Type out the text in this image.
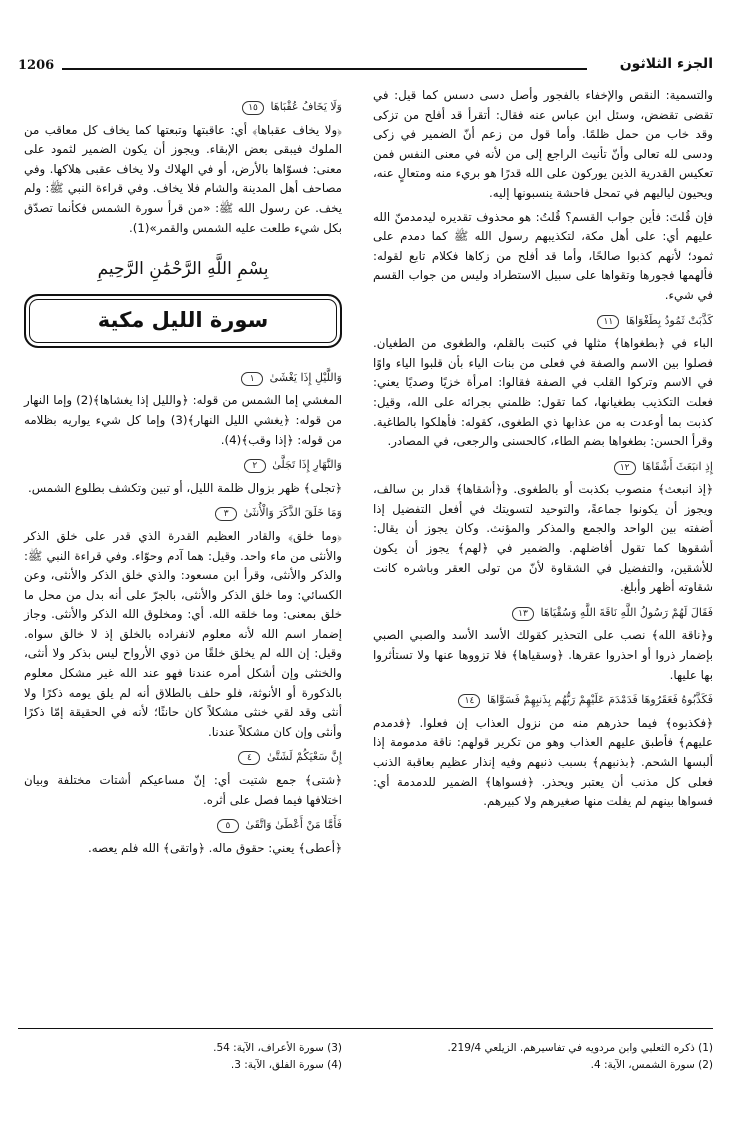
1206	الجزء الثلاثون

والتسمية: النقص والإخفاء بالفجور وأصل دسى دسس كما قيل: في تقضى تقضض، وسئل ابن عباس عنه فقال: أتقرأ قد أفلح من تزكى وقد خاب من حمل ظلمًا. وأما قول من زعم أنّ الضمير في زكى ودسى لله تعالى وأنّ تأنيث الراجع إلى من لأنه في معنى النفس فمن تعكيس القدرية الذين يوركون على الله قدرًا هو بريء منه ومتعالٍ عنه، ويحيون لياليهم في تمحل فاحشة ينسبونها إليه.

فإن قُلتَ: فأين جواب القسم؟ قُلتُ: هو محذوف تقديره ليدمدمنّ الله عليهم أي: على أهل مكة، لتكذيبهم رسول الله ﷺ كما دمدم على ثمود؛ لأنهم كذبوا صالحًا، وأما قد أفلح من زكاها فكلام تابع لقوله: فألهمها فجورها وتقواها على سبيل الاستطراد وليس من جواب القسم في شيء.

كَذَّبَتْ ثَمُودُ بِطَغْوَاهَا ١١

الباء في ﴿بطغواها﴾ مثلها في كتبت بالقلم، والطغوى من الطغيان. فصلوا بين الاسم والصفة في فعلى من بنات الياء بأن قلبوا الياء واوًا في الاسم وتركوا القلب في الصفة فقالوا: امرأة خزيًا وصديًا يعني: فعلت التكذيب بطغيانها، كما تقول: ظلمني بجرائه على الله، وقيل: كذبت بما أوعدت به من عذابها ذي الطغوى، كقوله: فأهلكوا بالطاغية. وقرأ الحسن: بطغواها بضم الطاء، كالحسنى والرجعى، في المصادر.

إِذِ انبَعَثَ أَشْقَاهَا ١٢

﴿إذ انبعث﴾ منصوب بكذبت أو بالطغوى. و﴿أشقاها﴾ قدار بن سالف، ويجوز أن يكونوا جماعةً، والتوحيد لتسويتك في أفعل التفضيل إذا أضفته بين الواحد والجمع والمذكر والمؤنث. وكان يجوز أن يقال: أشقوها كما تقول أفاضلهم. والضمير في ﴿لهم﴾ يجوز أن يكون للأشقين، والتفضيل في الشقاوة لأنّ من تولى العقر وباشره كانت شقاوته أظهر وأبلغ.

فَقَالَ لَهُمْ رَسُولُ اللَّهِ نَاقَةَ اللَّهِ وَسُقْيَاهَا ١٣

و﴿ناقة الله﴾ نصب على التحذير كقولك الأسد الأسد والصبي الصبي بإضمار ذروا أو احذروا عقرها. ﴿وسقياها﴾ فلا تزووها عنها ولا تستأثروا بها عليها.

فَكَذَّبُوهُ فَعَقَرُوهَا فَدَمْدَمَ عَلَيْهِمْ رَبُّهُم بِذَنبِهِمْ فَسَوَّاهَا ١٤

﴿فكذبوه﴾ فيما حذرهم منه من نزول العذاب إن فعلوا. ﴿فدمدم عليهم﴾ فأطبق عليهم العذاب وهو من تكرير قولهم: ناقة مدمومة إذا ألبسها الشحم. ﴿بذنبهم﴾ بسبب ذنبهم وفيه إنذار عظيم بعاقبة الذنب فعلى كل مذنب أن يعتبر ويحذر. ﴿فسواها﴾ الضمير للدمدمة أي: فسواها بينهم لم يفلت منها صغيرهم ولا كبيرهم.

وَلَا يَخَافُ عُقْبَاهَا ١٥

﴿ولا يخاف عقباها﴾ أي: عاقبتها وتبعتها كما يخاف كل معاقب من الملوك فيبقى بعض الإبقاء. ويجوز أن يكون الضمير لثمود على معنى: فسوّاها بالأرض، أو في الهلاك ولا يخاف عقبى هلاكها. وفي مصاحف أهل المدينة والشام فلا يخاف. وفي قراءة النبي ﷺ: ولم يخف. عن رسول الله ﷺ: «من قرأ سورة الشمس فكأنما تصدّق بكل شيء طلعت عليه الشمس والقمر»(1).

بِسْمِ اللَّهِ الرَّحْمَٰنِ الرَّحِيمِ
سورة الليل مكية
وَاللَّيْلِ إِذَا يَغْشَىٰ ١

المغشي إما الشمس من قوله: ﴿والليل إذا يغشاها﴾(2) وإما النهار من قوله: ﴿يغشي الليل النهار﴾(3) وإما كل شيء يواريه بظلامه من قوله: ﴿إذا وقب﴾(4).

وَالنَّهَارِ إِذَا تَجَلَّىٰ ٢

﴿تجلى﴾ ظهر بزوال ظلمة الليل، أو تبين وتكشف بطلوع الشمس.

وَمَا خَلَقَ الذَّكَرَ وَالْأُنثَىٰ ٣

﴿وما خلق﴾ والقادر العظيم القدرة الذي قدر على خلق الذكر والأنثى من ماء واحد. وقيل: هما آدم وحوّاء. وفي قراءة النبي ﷺ: والذكر والأنثى، وقرأ ابن مسعود: والذي خلق الذكر والأنثى، وعن الكسائي: وما خلق الذكر والأنثى، بالجرّ على أنه بدل من محل ما خلق بمعنى: وما خلقه الله. أي: ومخلوق الله الذكر والأنثى. وجاز إضمار اسم الله لأنه معلوم لانفراده بالخلق إذ لا خالق سواه. وقيل: إن الله لم يخلق خلقًا من ذوي الأرواح ليس بذكر ولا أنثى، والخنثى وإن أشكل أمره عندنا فهو عند الله غير مشكل معلوم بالذكورة أو الأنوثة، فلو حلف بالطلاق أنه لم يلق يومه ذكرًا ولا أنثى وقد لقي خنثى مشكلاً كان حانثًا؛ لأنه في الحقيقة إمّا ذكرًا وأنثى وإن كان مشكلاً عندنا.

إِنَّ سَعْيَكُمْ لَشَتَّىٰ ٤

﴿شتى﴾ جمع شتيت أي: إنّ مساعيكم أشتات مختلفة وبيان اختلافها فيما فصل على أثره.

فَأَمَّا مَنْ أَعْطَىٰ وَاتَّقَىٰ ٥

﴿أعطى﴾ يعني: حقوق ماله. ﴿واتقى﴾ الله فلم يعصه.

(1) ذكره الثعلبي وابن مردويه في تفاسيرهم. الزيلعي 219/4.
(2) سورة الشمس، الآية: 4.
(3) سورة الأعراف، الآية: 54.
(4) سورة الفلق، الآية: 3.
